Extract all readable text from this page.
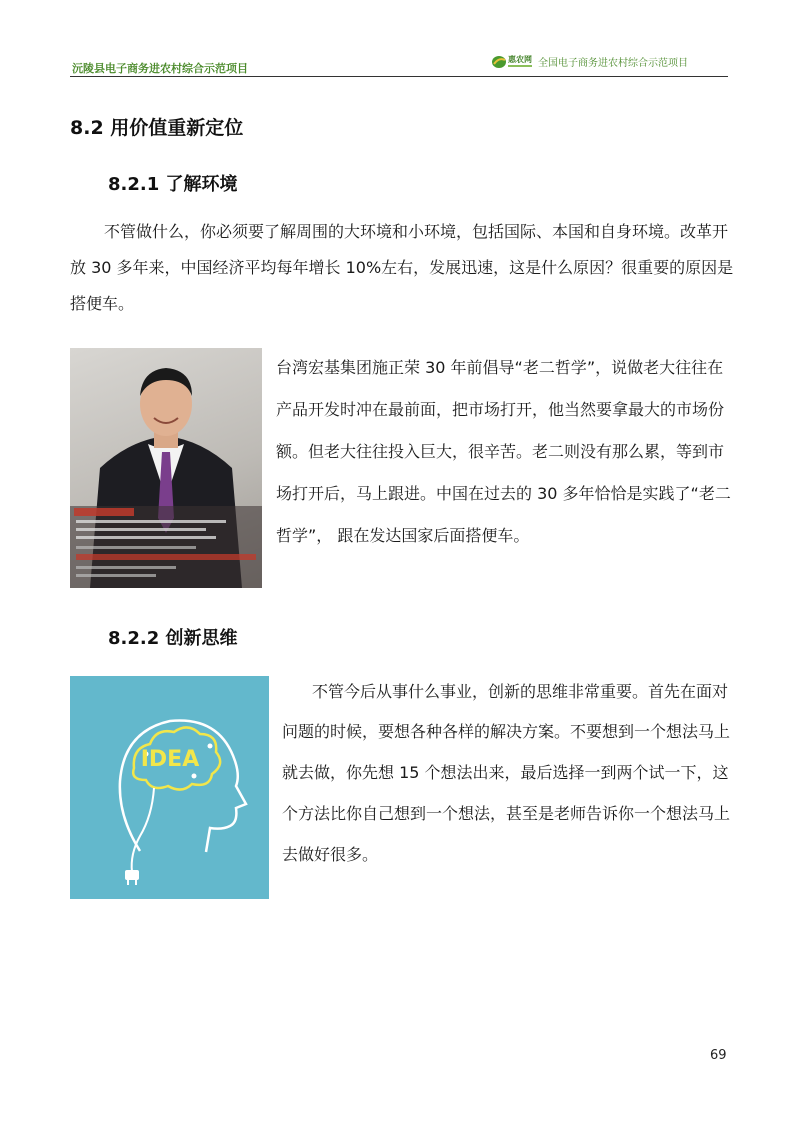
沅陵县电子商务进农村综合示范项目
惠农网 全国电子商务进农村综合示范项目
8.2 用价值重新定位
8.2.1 了解环境

不管做什么，你必须要了解周围的大环境和小环境，包括国际、本国和自身环境。改革开

放 30 多年来，中国经济平均每年增长 10%左右，发展迅速，这是什么原因？很重要的原因是

搭便车。

台湾宏基集团施正荣 30 年前倡导“老二哲学”，说做老大往往在

产品开发时冲在最前面，把市场打开，他当然要拿最大的市场份

额。但老大往往投入巨大，很辛苦。老二则没有那么累，等到市

场打开后，马上跟进。中国在过去的 30 多年恰恰是实践了“老二

哲学”， 跟在发达国家后面搭便车。

8.2.2 创新思维
IDEA

不管今后从事什么事业，创新的思维非常重要。首先在面对

问题的时候，要想各种各样的解决方案。不要想到一个想法马上

就去做，你先想 15 个想法出来，最后选择一到两个试一下，这

个方法比你自己想到一个想法，甚至是老师告诉你一个想法马上

去做好很多。

69
